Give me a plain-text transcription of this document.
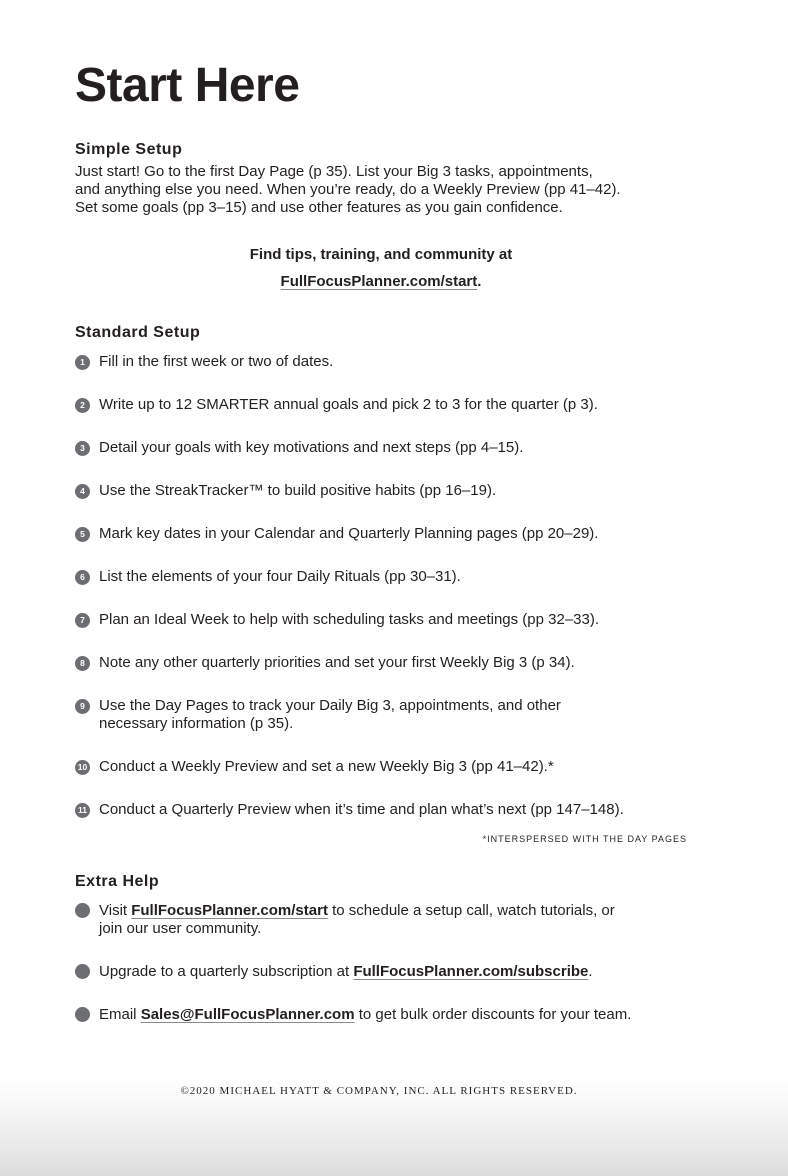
Start Here
Simple Setup

Just start! Go to the first Day Page (p 35). List your Big 3 tasks, appointments,
and anything else you need. When you’re ready, do a Weekly Preview (pp 41–42).
Set some goals (pp 3–15) and use other features as you gain confidence.

Find tips, training, and community at
FullFocusPlanner.com/start.
Standard Setup
1 Fill in the first week or two of dates.
2 Write up to 12 SMARTER annual goals and pick 2 to 3 for the quarter (p 3).
3 Detail your goals with key motivations and next steps (pp 4–15).
4 Use the StreakTracker™ to build positive habits (pp 16–19).
5 Mark key dates in your Calendar and Quarterly Planning pages (pp 20–29).
6 List the elements of your four Daily Rituals (pp 30–31).
7 Plan an Ideal Week to help with scheduling tasks and meetings (pp 32–33).
8 Note any other quarterly priorities and set your first Weekly Big 3 (p 34).
9 Use the Day Pages to track your Daily Big 3, appointments, and other
necessary information (p 35).
10 Conduct a Weekly Preview and set a new Weekly Big 3 (pp 41–42).*
11 Conduct a Quarterly Preview when it’s time and plan what’s next (pp 147–148).
*INTERSPERSED WITH THE DAY PAGES
Extra Help
Visit FullFocusPlanner.com/start to schedule a setup call, watch tutorials, or
join our user community.
Upgrade to a quarterly subscription at FullFocusPlanner.com/subscribe.
Email Sales@FullFocusPlanner.com to get bulk order discounts for your team.
©2020 MICHAEL HYATT & COMPANY, INC. ALL RIGHTS RESERVED.
